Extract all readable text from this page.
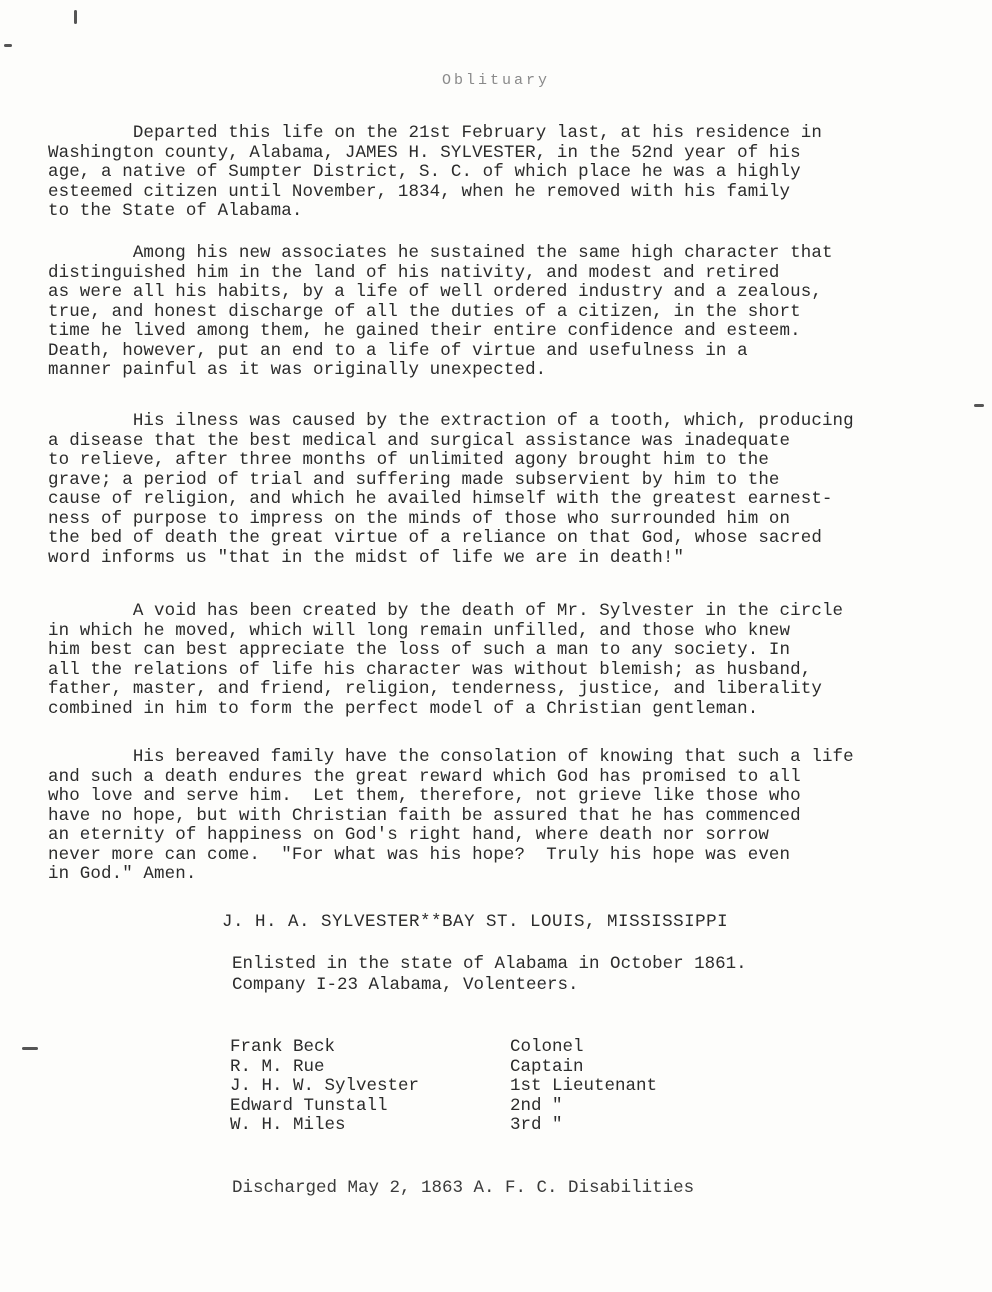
Oblituary

Departed this life on the 21st February last, at his residence in
Washington county, Alabama, JAMES H. SYLVESTER, in the 52nd year of his
age, a native of Sumpter District, S. C. of which place he was a highly
esteemed citizen until November, 1834, when he removed with his family
to the State of Alabama.

Among his new associates he sustained the same high character that
distinguished him in the land of his nativity, and modest and retired
as were all his habits, by a life of well ordered industry and a zealous,
true, and honest discharge of all the duties of a citizen, in the short
time he lived among them, he gained their entire confidence and esteem.
Death, however, put an end to a life of virtue and usefulness in a
manner painful as it was originally unexpected.

His ilness was caused by the extraction of a tooth, which, producing
a disease that the best medical and surgical assistance was inadequate
to relieve, after three months of unlimited agony brought him to the
grave; a period of trial and suffering made subservient by him to the
cause of religion, and which he availed himself with the greatest earnest-
ness of purpose to impress on the minds of those who surrounded him on
the bed of death the great virtue of a reliance on that God, whose sacred
word informs us "that in the midst of life we are in death!"

A void has been created by the death of Mr. Sylvester in the circle
in which he moved, which will long remain unfilled, and those who knew
him best can best appreciate the loss of such a man to any society. In
all the relations of life his character was without blemish; as husband,
father, master, and friend, religion, tenderness, justice, and liberality
combined in him to form the perfect model of a Christian gentleman.

His bereaved family have the consolation of knowing that such a life
and such a death endures the great reward which God has promised to all
who love and serve him.  Let them, therefore, not grieve like those who
have no hope, but with Christian faith be assured that he has commenced
an eternity of happiness on God's right hand, where death nor sorrow
never more can come.  "For what was his hope?  Truly his hope was even
in God." Amen.

J. H. A. SYLVESTER**BAY ST. LOUIS, MISSISSIPPI
Enlisted in the state of Alabama in October 1861.
Company I-23 Alabama, Volenteers.
Frank Beck	Colonel
R. M. Rue	Captain
J. H. W. Sylvester	1st Lieutenant
Edward Tunstall	2nd "
W. H. Miles	3rd "
Discharged May 2, 1863 A. F. C. Disabilities
